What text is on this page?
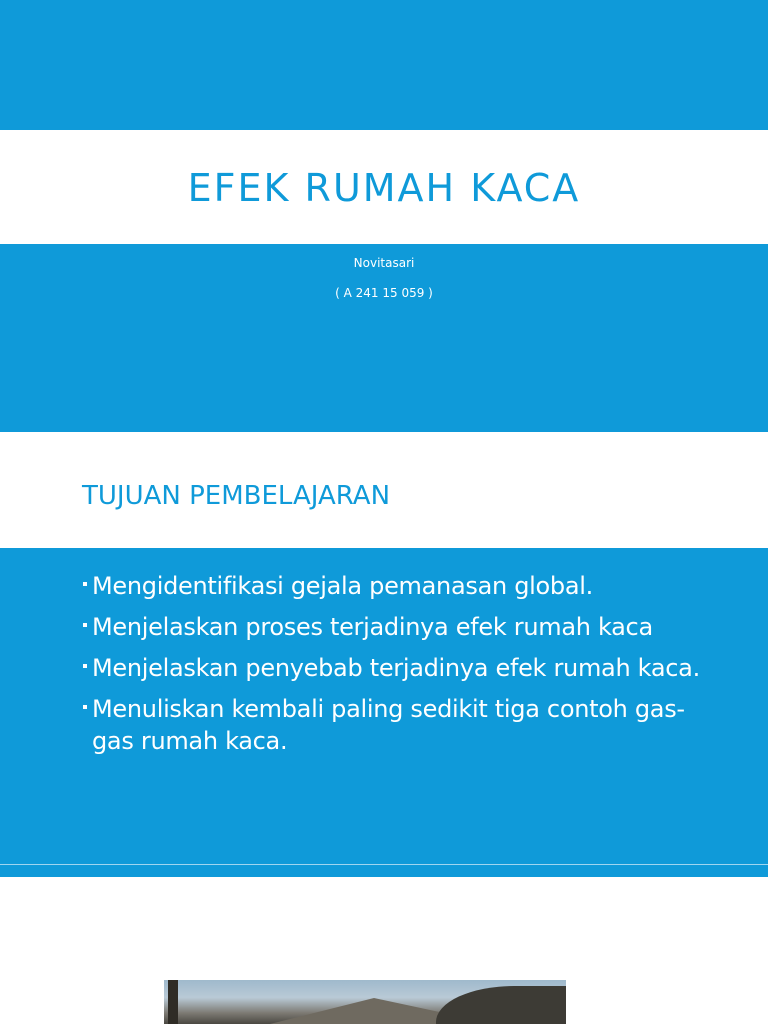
EFEK RUMAH KACA
Novitasari
( A 241 15 059 )
TUJUAN PEMBELAJARAN
Mengidentifikasi gejala pemanasan global.
Menjelaskan proses terjadinya efek rumah kaca
Menjelaskan penyebab terjadinya efek rumah kaca.
Menuliskan kembali paling sedikit tiga contoh gas-gas rumah kaca.
